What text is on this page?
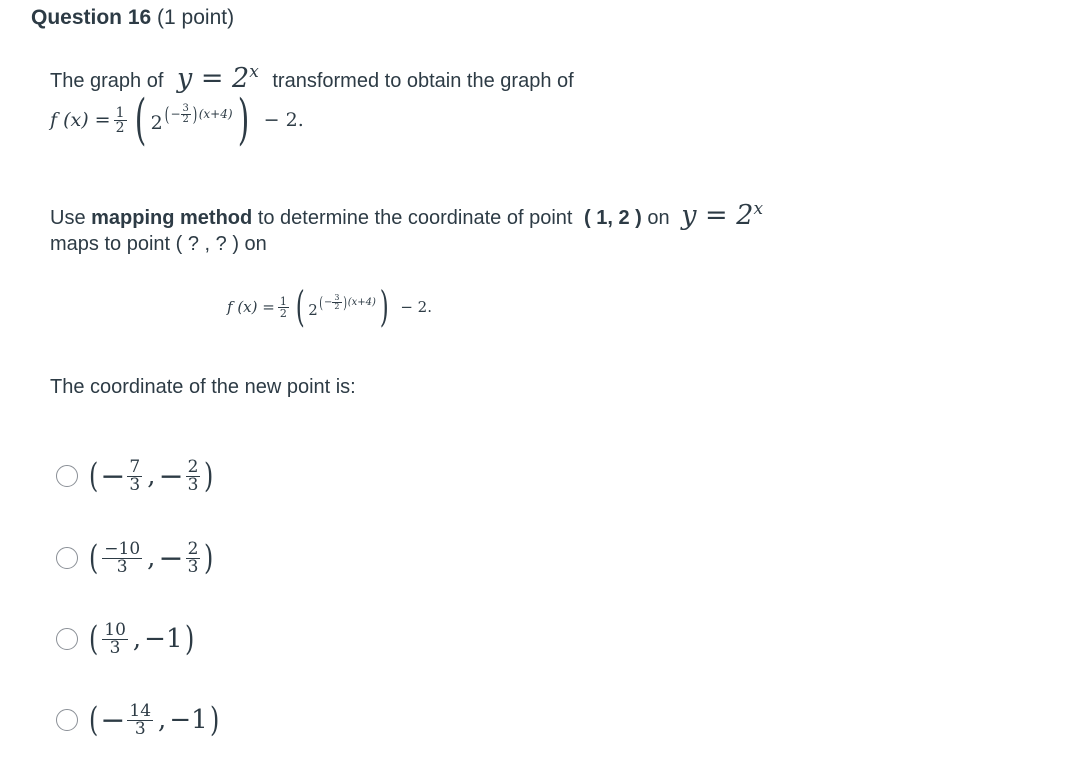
Question 16 (1 point)
The graph of $y = 2^x$ transformed to obtain the graph of
f $(x) = \frac{1}{2}$ ( 2 ( − $\frac{3}{2}$ ) (x+4) ) − 2.
Use mapping method to determine the coordinate of point ( 1, 2 ) on $y = 2^x$
maps to point ( ? , ? ) on
f $(x) = \frac{1}{2}$ ( 2 ( − $\frac{3}{2}$ ) (x+4) ) − 2.
The coordinate of the new point is:
( − $\frac{7}{3}$ , − $\frac{2}{3}$ )
( $\frac{-10}{3}$ , − $\frac{2}{3}$ )
( $\frac{10}{3}$ , −1 )
( − $\frac{14}{3}$ , −1 )
